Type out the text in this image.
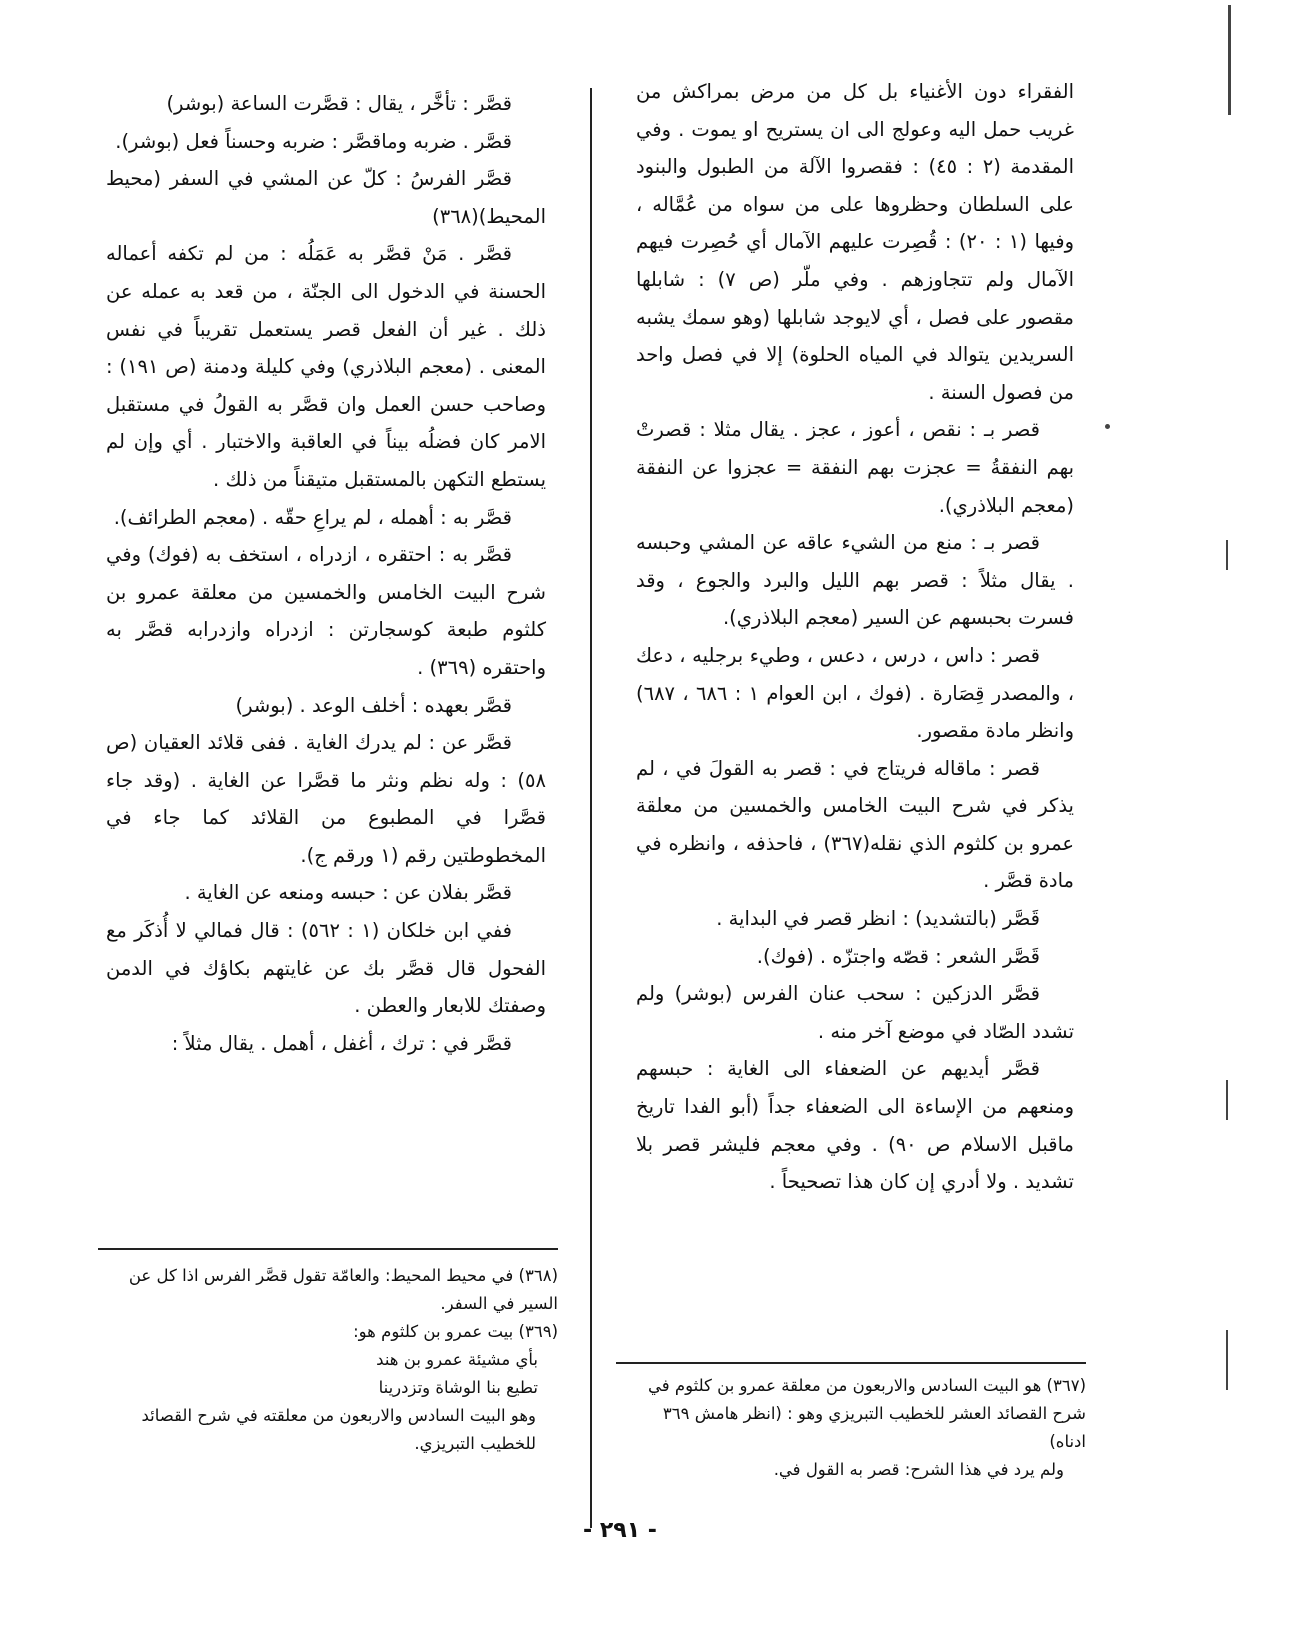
الفقراء دون الأغنياء بل كل من مرض بمراكش من غريب حمل اليه وعولج الى ان يستريح او يموت . وفي المقدمة (٢ : ٤٥) : فقصروا الآلة من الطبول والبنود على السلطان وحظروها على من سواه من عُمَّاله ، وفيها (١ : ٢٠) : قُصِرت عليهم الآمال أي حُصِرت فيهم الآمال ولم تتجاوزهم . وفي ملّر (ص ٧) : شابلها مقصور على فصل ، أي لايوجد شابلها (وهو سمك يشبه السريدين يتوالد في المياه الحلوة) إلا في فصل واحد من فصول السنة .

قصر بـ : نقص ، أعوز ، عجز . يقال مثلا : قصرتْ بهم النفقةُ = عجزت بهم النفقة = عجزوا عن النفقة (معجم البلاذري).

قصر بـ : منع من الشيء عاقه عن المشي وحبسه . يقال مثلاً : قصر بهم الليل والبرد والجوع ، وقد فسرت بحبسهم عن السير (معجم البلاذري).

قصر : داس ، درس ، دعس ، وطيء برجليه ، دعك ، والمصدر قِصَارة . (فوك ، ابن العوام ١ : ٦٨٦ ، ٦٨٧) وانظر مادة مقصور.

قصر : ماقاله فريتاج في : قصر به القولَ في ، لم يذكر في شرح البيت الخامس والخمسين من معلقة عمرو بن كلثوم الذي نقله(٣٦٧) ، فاحذفه ، وانظره في مادة قصَّر .

قَصَّر (بالتشديد) : انظر قصر في البداية .

قَصَّر الشعر : قصّه واجتزّه . (فوك).

قصَّر الدزكين : سحب عنان الفرس (بوشر) ولم تشدد الصّاد في موضع آخر منه .

قصَّر أيديهم عن الضعفاء الى الغاية : حبسهم ومنعهم من الإساءة الى الضعفاء جداً (أبو الفدا تاريخ ماقبل الاسلام ص ٩٠) . وفي معجم فليشر قصر بلا تشديد . ولا أدري إن كان هذا تصحيحاً .

قصَّر : تأخَّر ، يقال : قصَّرت الساعة (بوشر)

قصَّر . ضربه وماقصَّر : ضربه وحسناً فعل (بوشر).

قصَّر الفرسُ : كلّ عن المشي في السفر (محيط المحيط)(٣٦٨)

قصَّر . مَنْ قصَّر به عَمَلُه : من لم تكفه أعماله الحسنة في الدخول الى الجنّة ، من قعد به عمله عن ذلك . غير أن الفعل قصر يستعمل تقريباً في نفس المعنى . (معجم البلاذري) وفي كليلة ودمنة (ص ١٩١) : وصاحب حسن العمل وان قصَّر به القولُ في مستقبل الامر كان فضلُه بيناً في العاقبة والاختبار . أي وإن لم يستطع التكهن بالمستقبل متيقناً من ذلك .

قصَّر به : أهمله ، لم يراعِ حقّه . (معجم الطرائف).

قصَّر به : احتقره ، ازدراه ، استخف به (فوك) وفي شرح البيت الخامس والخمسين من معلقة عمرو بن كلثوم طبعة كوسجارتن : ازدراه وازدرابه قصَّر به واحتقره (٣٦٩) .

قصَّر بعهده : أخلف الوعد . (بوشر)

قصَّر عن : لم يدرك الغاية . ففى قلائد العقيان (ص ٥٨) : وله نظم ونثر ما قصَّرا عن الغاية . (وقد جاء قصَّرا في المطبوع من القلائد كما جاء في المخطوطتين رقم (١ ورقم ج).

قصَّر بفلان عن : حبسه ومنعه عن الغاية .

ففي ابن خلكان (١ : ٥٦٢) : قال فمالي لا أُذكَر مع الفحول قال قصَّر بك عن غايتهم بكاؤك في الدمن وصفتك للابعار والعطن .

قصَّر في : ترك ، أغفل ، أهمل . يقال مثلاً :

(٣٦٧) هو البيت السادس والاربعون من معلقة عمرو بن كلثوم في شرح القصائد العشر للخطيب التبريزي وهو : (انظر هامش ٣٦٩ ادناه)

ولم يرد في هذا الشرح: قصر به القول في.

(٣٦٨) في محيط المحيط: والعامّة تقول قصَّر الفرس اذا كل عن السير في السفر.

(٣٦٩) بيت عمرو بن كلثوم هو:

بأي مشيئة عمرو بن هند
تطيع بنا الوشاة وتزدرينا

وهو البيت السادس والاربعون من معلقته في شرح القصائد للخطيب التبريزي.

- ٢٩١ -
